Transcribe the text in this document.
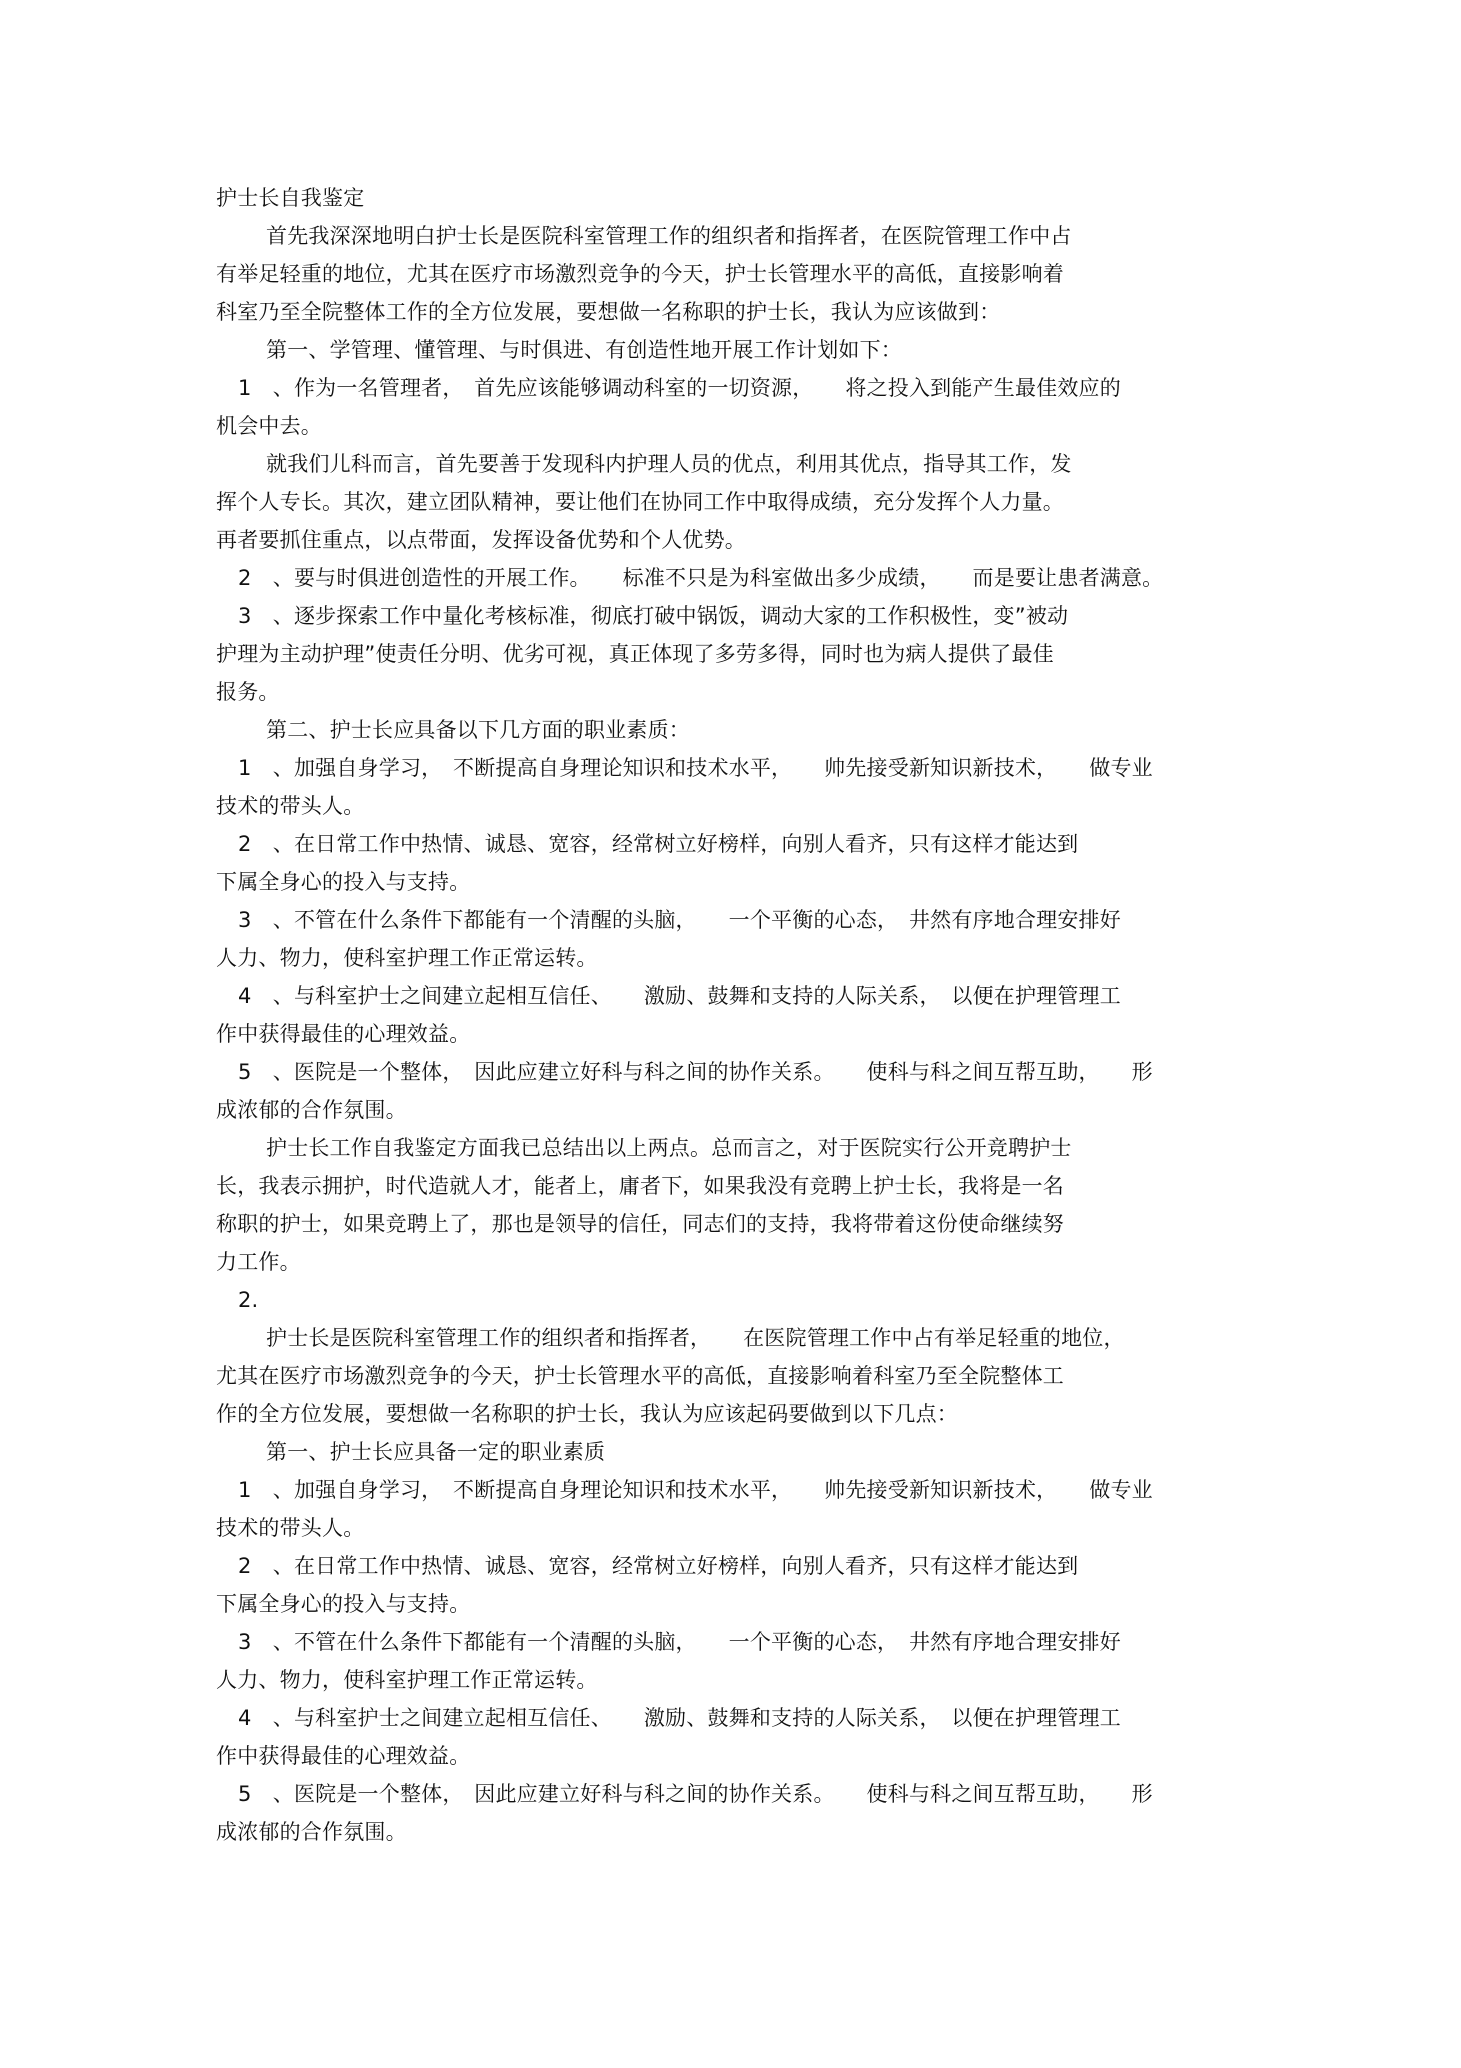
护士长自我鉴定
首先我深深地明白护士长是医院科室管理工作的组织者和指挥者，在医院管理工作中占
有举足轻重的地位，尤其在医疗市场激烈竞争的今天，护士长管理水平的高低，直接影响着
科室乃至全院整体工作的全方位发展，要想做一名称职的护士长，我认为应该做到：
第一、学管理、懂管理、与时俱进、有创造性地开展工作计划如下：
1　、作为一名管理者，　首先应该能够调动科室的一切资源，　　将之投入到能产生最佳效应的
机会中去。
就我们儿科而言，首先要善于发现科内护理人员的优点，利用其优点，指导其工作，发
挥个人专长。其次，建立团队精神，要让他们在协同工作中取得成绩，充分发挥个人力量。
再者要抓住重点，以点带面，发挥设备优势和个人优势。
2　、要与时俱进创造性的开展工作。　　标准不只是为科室做出多少成绩，　　而是要让患者满意。
3　、逐步探索工作中量化考核标准，彻底打破中锅饭，调动大家的工作积极性，变”被动
护理为主动护理”使责任分明、优劣可视，真正体现了多劳多得，同时也为病人提供了最佳
报务。
第二、护士长应具备以下几方面的职业素质：
1　、加强自身学习，　不断提高自身理论知识和技术水平，　　帅先接受新知识新技术，　　做专业
技术的带头人。
2　、在日常工作中热情、诚恳、宽容，经常树立好榜样，向别人看齐，只有这样才能达到
下属全身心的投入与支持。
3　、不管在什么条件下都能有一个清醒的头脑，　　一个平衡的心态，　井然有序地合理安排好
人力、物力，使科室护理工作正常运转。
4　、与科室护士之间建立起相互信任、　　激励、鼓舞和支持的人际关系，　以便在护理管理工
作中获得最佳的心理效益。
5　、医院是一个整体，　因此应建立好科与科之间的协作关系。　　使科与科之间互帮互助，　　形
成浓郁的合作氛围。
护士长工作自我鉴定方面我已总结出以上两点。总而言之，对于医院实行公开竞聘护士
长，我表示拥护，时代造就人才，能者上，庸者下，如果我没有竞聘上护士长，我将是一名
称职的护士，如果竞聘上了，那也是领导的信任，同志们的支持，我将带着这份使命继续努
力工作。
2.
护士长是医院科室管理工作的组织者和指挥者，　　在医院管理工作中占有举足轻重的地位，
尤其在医疗市场激烈竞争的今天，护士长管理水平的高低，直接影响着科室乃至全院整体工
作的全方位发展，要想做一名称职的护士长，我认为应该起码要做到以下几点：
第一、护士长应具备一定的职业素质
1　、加强自身学习，　不断提高自身理论知识和技术水平，　　帅先接受新知识新技术，　　做专业
技术的带头人。
2　、在日常工作中热情、诚恳、宽容，经常树立好榜样，向别人看齐，只有这样才能达到
下属全身心的投入与支持。
3　、不管在什么条件下都能有一个清醒的头脑，　　一个平衡的心态，　井然有序地合理安排好
人力、物力，使科室护理工作正常运转。
4　、与科室护士之间建立起相互信任、　　激励、鼓舞和支持的人际关系，　以便在护理管理工
作中获得最佳的心理效益。
5　、医院是一个整体，　因此应建立好科与科之间的协作关系。　　使科与科之间互帮互助，　　形
成浓郁的合作氛围。
